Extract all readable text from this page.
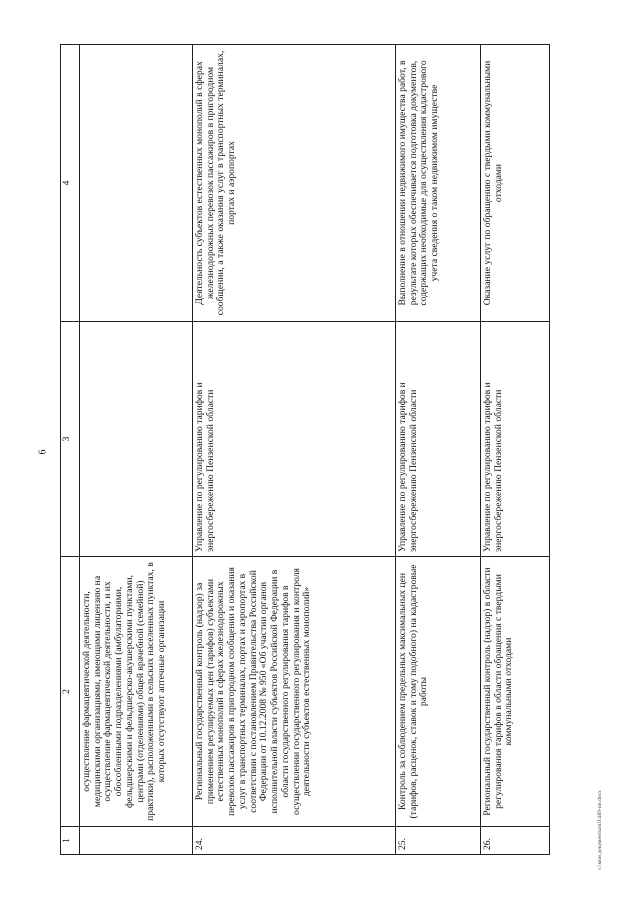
6
1	2	3	4
	осуществление фармацевтической деятельности, медицинскими организациями, имеющими лицензию на осуществление фармацевтической деятельности, и их обособленными подразделениями (амбулаториями, фельдшерскими и фельдшерско-акушерскими пунктами, центрами (отделениями) общей врачебной (семейной) практики), расположенными в сельских населенных пунктах, в которых отсутствуют аптечные организации		
24.	Региональный государственный контроль (надзор) за применением регулируемых цен (тарифов) субъектами естественных монополий в сферах железнодорожных перевозок пассажиров в пригородном сообщении и оказания услуг в транспортных терминалах, портах и аэропортах в соответствии с постановлением Правительства Российской Федерации от 10.12.2008 № 950 «Об участии органов исполнительной власти субъектов Российской Федерации в области государственного регулирования тарифов в осуществлении государственного регулирования и контроля деятельности субъектов естественных монополий»	Управление по регулированию тарифов и энергосбережению Пензенской области	Деятельность субъектов естественных монополий в сферах железнодорожных перевозок пассажиров в пригородном сообщении, а также оказания услуг в транспортных терминалах, портах и аэропортах
25.	Контроль за соблюдением предельных максимальных цен (тарифов, расценок, ставок и тому подобного) на кадастровые работы	Управление по регулированию тарифов и энергосбережению Пензенской области	Выполнение в отношении недвижимого имущества работ, в результате которых обеспечивается подготовка документов, содержащих необходимые для осуществления кадастрового учета сведения о таком недвижимом имуществе
26.	Региональный государственный контроль (надзор) в области регулирования тарифов в области обращения с твердыми коммунальными отходами	Управление по регулированию тарифов и энергосбережению Пензенской области	Оказание услуг по обращению с твердыми коммунальными отходами
c:\мои документы\пЛ\469-пп.docx
